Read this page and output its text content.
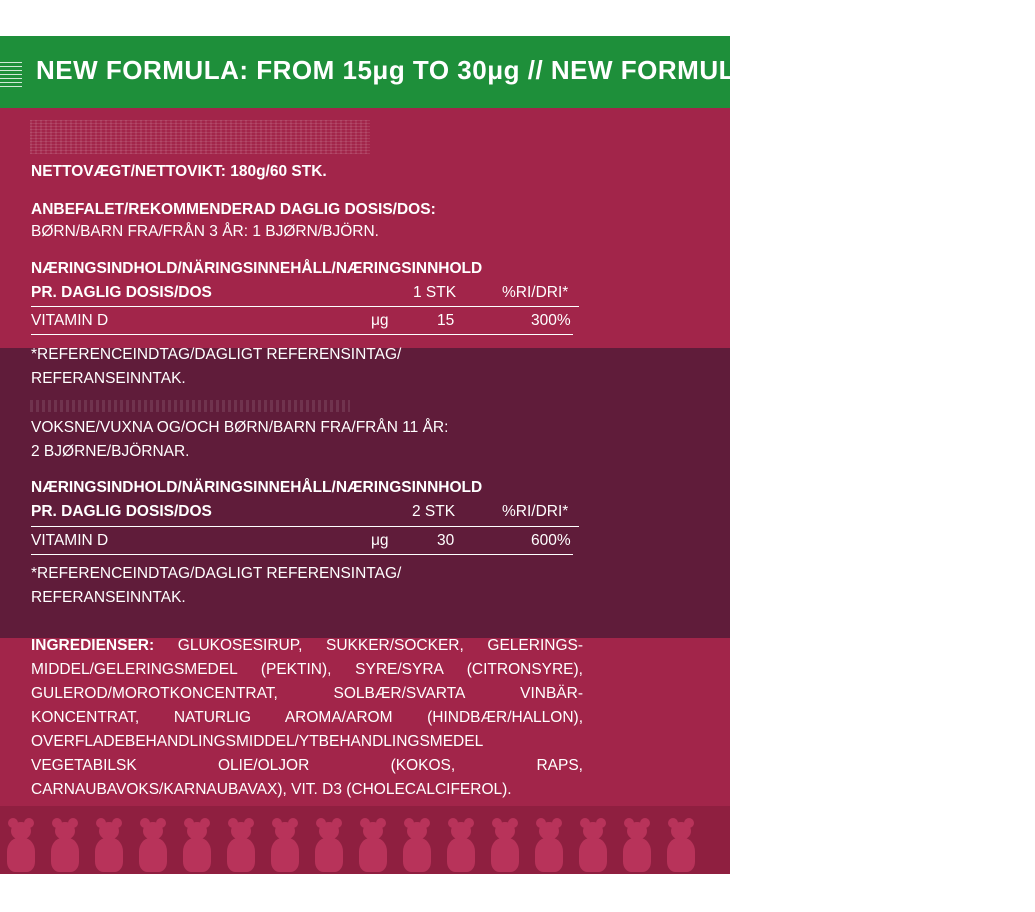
NEW FORMULA: FROM 15μg TO 30μg // NEW FORMULA: FROM 15μg TO 30μg
NETTOVÆGT/NETTOVIKT: 180g/60 STK.
ANBEFALET/REKOMMENDERAD DAGLIG DOSIS/DOS:
BØRN/BARN FRA/FRÅN 3 ÅR: 1 BJØRN/BJÖRN.
NÆRINGSINDHOLD/NÄRINGSINNEHÅLL/NÆRINGSINNHOLD
PR. DAGLIG DOSIS/DOS	1 STK	%RI/DRI*
VITAMIN D	μg	15	300%
*REFERENCEINDTAG/DAGLIGT REFERENSINTAG/
REFERANSEINNTAK.
VOKSNE/VUXNA OG/OCH BØRN/BARN FRA/FRÅN 11 ÅR:
2 BJØRNE/BJÖRNAR.
NÆRINGSINDHOLD/NÄRINGSINNEHÅLL/NÆRINGSINNHOLD
PR. DAGLIG DOSIS/DOS	2 STK	%RI/DRI*
VITAMIN D	μg	30	600%
*REFERENCEINDTAG/DAGLIGT REFERENSINTAG/
REFERANSEINNTAK.
INGREDIENSER: GLUKOSESIRUP, SUKKER/SOCKER, GELERINGS-MIDDEL/GELERINGSMEDEL (PEKTIN), SYRE/SYRA (CITRONSYRE), GULEROD/MOROTKONCENTRAT, SOLBÆR/SVARTA VINBÄR-KONCENTRAT, NATURLIG AROMA/AROM (HINDBÆR/HALLON), OVERFLADEBEHANDLINGSMIDDEL/YTBEHANDLINGSMEDEL VEGETABILSK OLIE/OLJOR (KOKOS, RAPS, CARNAUBAVOKS/KARNAUBAVAX), VIT. D3 (CHOLECALCIFEROL).
